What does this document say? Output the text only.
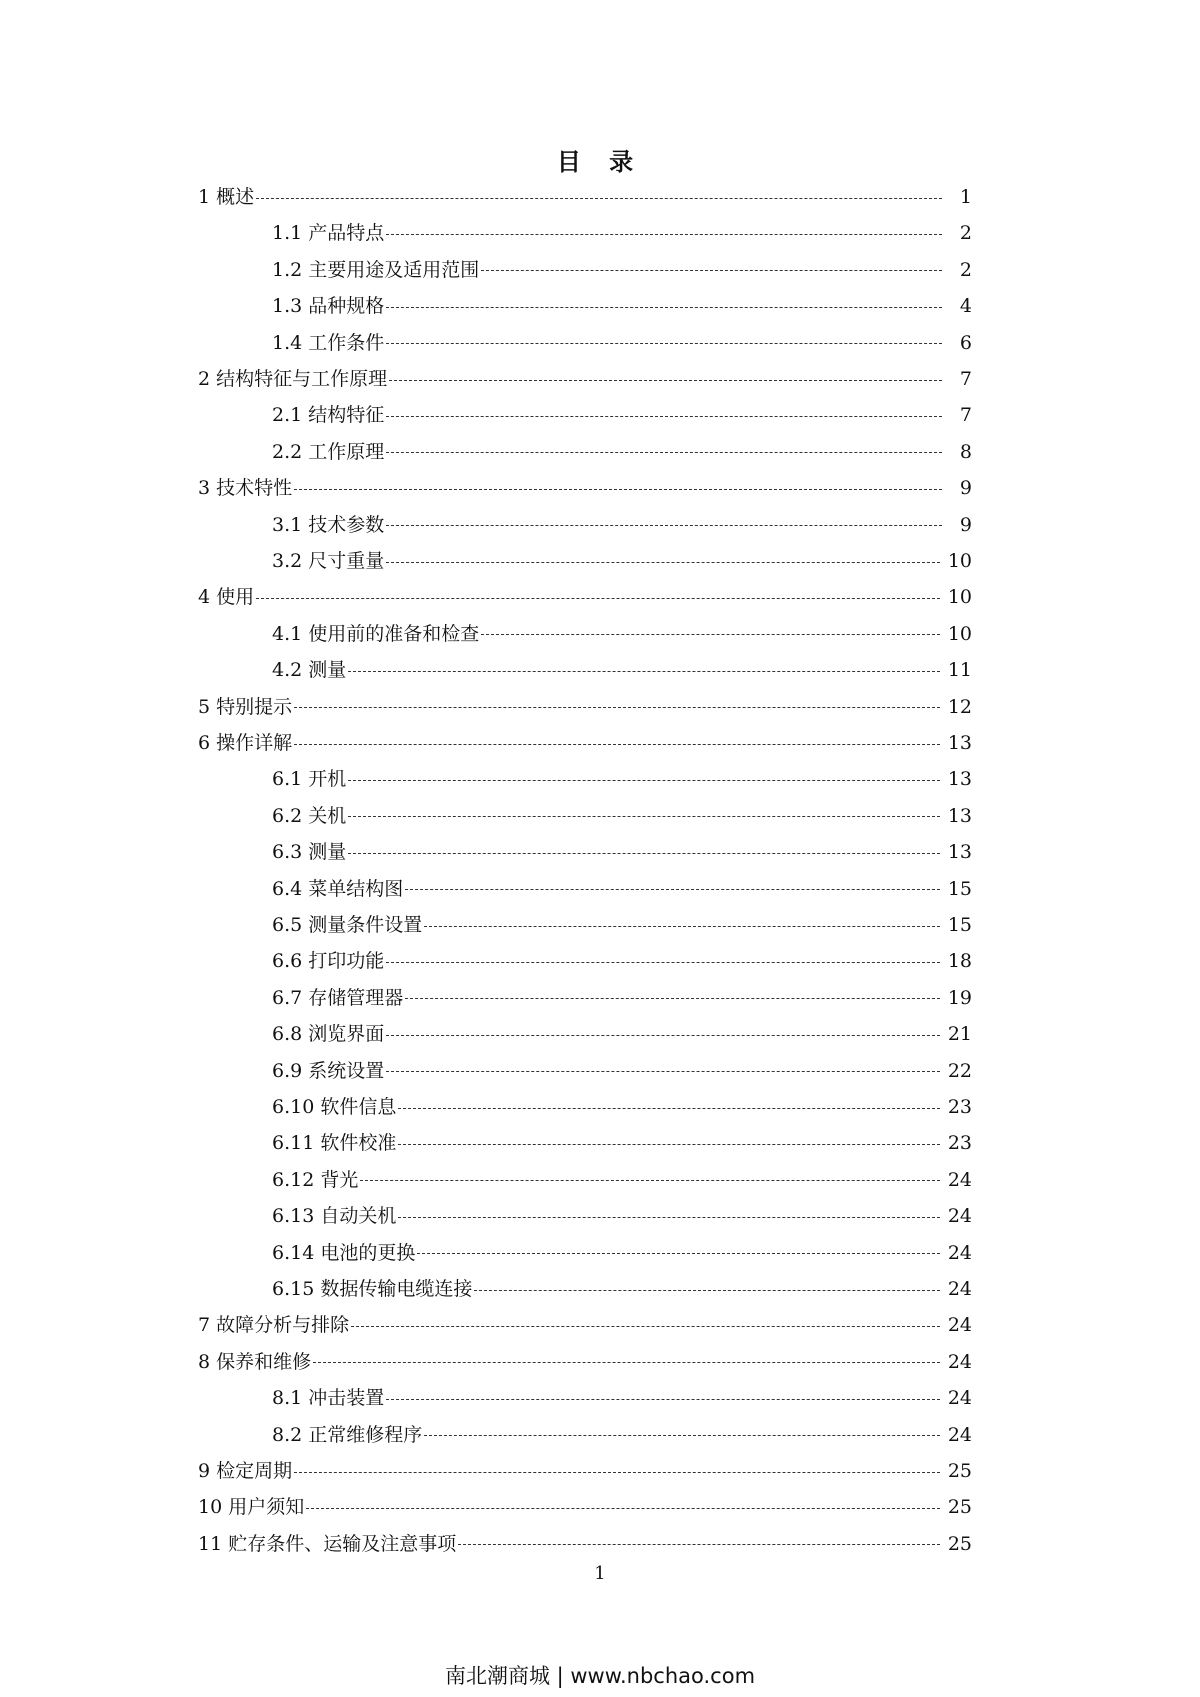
目 录
1 概述	1
1.1 产品特点	2
1.2 主要用途及适用范围	2
1.3 品种规格	4
1.4 工作条件	6
2 结构特征与工作原理	7
2.1 结构特征	7
2.2 工作原理	8
3 技术特性	9
3.1 技术参数	9
3.2 尺寸重量	10
4 使用	10
4.1 使用前的准备和检查	10
4.2 测量	11
5 特别提示	12
6 操作详解	13
6.1 开机	13
6.2 关机	13
6.3 测量	13
6.4 菜单结构图	15
6.5 测量条件设置	15
6.6 打印功能	18
6.7 存储管理器	19
6.8 浏览界面	21
6.9 系统设置	22
6.10 软件信息	23
6.11 软件校准	23
6.12 背光	24
6.13 自动关机	24
6.14 电池的更换	24
6.15 数据传输电缆连接	24
7 故障分析与排除	24
8 保养和维修	24
8.1 冲击装置	24
8.2 正常维修程序	24
9 检定周期	25
10 用户须知	25
11 贮存条件、运输及注意事项	25
1
南北潮商城 | www.nbchao.com
